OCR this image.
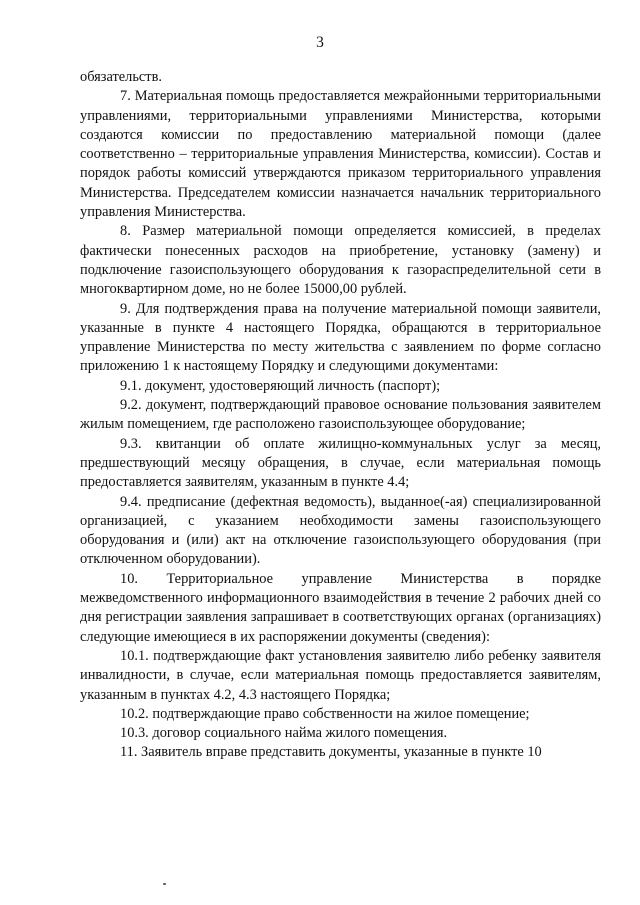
3

обязательств.

7. Материальная помощь предоставляется межрайонными территориальными управлениями, территориальными управлениями Министерства, которыми создаются комиссии по предоставлению материальной помощи (далее соответственно – территориальные управления Министерства, комиссии). Состав и порядок работы комиссий утверждаются приказом территориального управления Министерства. Председателем комиссии назначается начальник территориального управления Министерства.

8. Размер материальной помощи определяется комиссией, в пределах фактически понесенных расходов на приобретение, установку (замену) и подключение газоиспользующего оборудования к газораспределительной сети в многоквартирном доме, но не более 15000,00 рублей.

9. Для подтверждения права на получение материальной помощи заявители, указанные в пункте 4 настоящего Порядка, обращаются в территориальное управление Министерства по месту жительства с заявлением по форме согласно приложению 1 к настоящему Порядку и следующими документами:

9.1. документ, удостоверяющий личность (паспорт);

9.2. документ, подтверждающий правовое основание пользования заявителем жилым помещением, где расположено газоиспользующее оборудование;

9.3. квитанции об оплате жилищно-коммунальных услуг за месяц, предшествующий месяцу обращения, в случае, если материальная помощь предоставляется заявителям, указанным в пункте 4.4;

9.4. предписание (дефектная ведомость), выданное(-ая) специализированной организацией, с указанием необходимости замены газоиспользующего оборудования и (или) акт на отключение газоиспользующего оборудования (при отключенном оборудовании).

10. Территориальное управление Министерства в порядке межведомственного информационного взаимодействия в течение 2 рабочих дней со дня регистрации заявления запрашивает в соответствующих органах (организациях) следующие имеющиеся в их распоряжении документы (сведения):

10.1. подтверждающие факт установления заявителю либо ребенку заявителя инвалидности, в случае, если материальная помощь предоставляется заявителям, указанным в пунктах 4.2, 4.3 настоящего Порядка;

10.2. подтверждающие право собственности на жилое помещение;

10.3. договор социального найма жилого помещения.

11. Заявитель вправе представить документы, указанные в пункте 10
